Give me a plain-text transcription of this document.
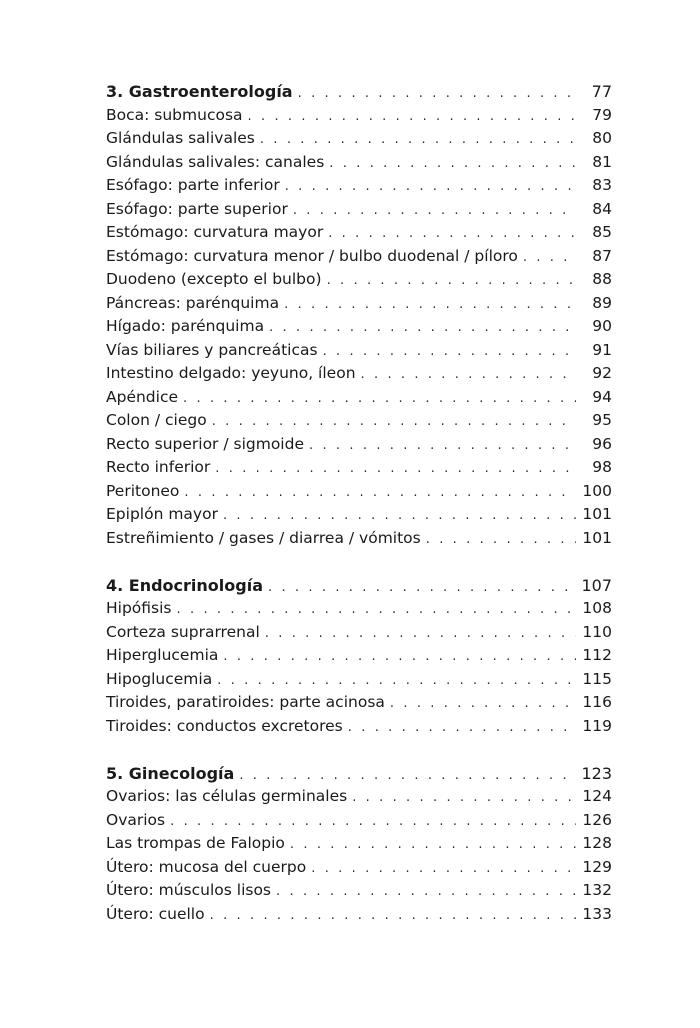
3. Gastroenterología . . .	77
Boca: submucosa . . .	79
Glándulas salivales . . .	80
Glándulas salivales: canales . . .	81
Esófago: parte inferior . . .	83
Esófago: parte superior . . .	84
Estómago: curvatura mayor . . .	85
Estómago: curvatura menor / bulbo duodenal / píloro . . .	87
Duodeno (excepto el bulbo) . . .	88
Páncreas: parénquima . . .	89
Hígado: parénquima . . .	90
Vías biliares y pancreáticas . . .	91
Intestino delgado: yeyuno, íleon . . .	92
Apéndice . . .	94
Colon / ciego . . .	95
Recto superior / sigmoide . . .	96
Recto inferior . . .	98
Peritoneo . . .	100
Epiplón mayor . . .	101
Estreñimiento / gases / diarrea / vómitos . . .	101
4. Endocrinología . . .	107
Hipófisis . . .	108
Corteza suprarrenal . . .	110
Hiperglucemia . . .	112
Hipoglucemia . . .	115
Tiroides, paratiroides: parte acinosa . . .	116
Tiroides: conductos excretores . . .	119
5. Ginecología . . .	123
Ovarios: las células germinales . . .	124
Ovarios . . .	126
Las trompas de Falopio . . .	128
Útero: mucosa del cuerpo . . .	129
Útero: músculos lisos . . .	132
Útero: cuello . . .	133
